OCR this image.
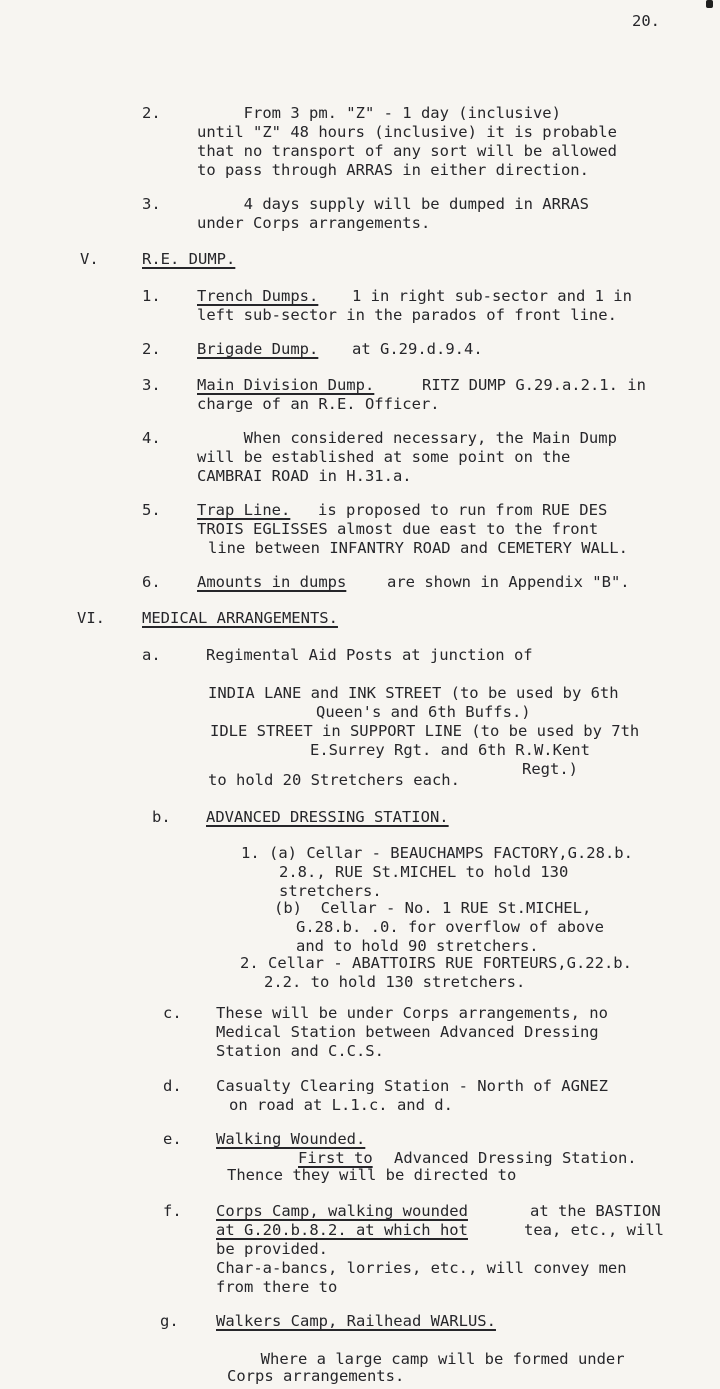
20.
2. From 3 pm. "Z" - 1 day (inclusive)
until "Z" 48 hours (inclusive) it is probable
that no transport of any sort will be allowed
to pass through ARRAS in either direction.
3. 4 days supply will be dumped in ARRAS
under Corps arrangements.
V.	R.E. DUMP.
1. Trench Dumps. 1 in right sub-sector and 1 in
left sub-sector in the parados of front line.
2. Brigade Dump. at G.29.d.9.4.
3. Main Division Dump.	RITZ DUMP G.29.a.2.1. in
charge of an R.E. Officer.
4. When considered necessary, the Main Dump
will be established at some point on the
CAMBRAI ROAD in H.31.a.
5. Trap Line. is proposed to run from RUE DES
TROIS EGLISSES almost due east to the front
line between INFANTRY ROAD and CEMETERY WALL.
6. Amounts in dumps	are shown in Appendix "B".
VI. MEDICAL ARRANGEMENTS.
a.	Regimental Aid Posts at junction of
INDIA LANE and INK STREET (to be used by 6th
Queen's and 6th Buffs.)
IDLE STREET in SUPPORT LINE (to be used by 7th
E.Surrey Rgt. and 6th R.W.Kent
Regt.)
to hold 20 Stretchers each.
b. ADVANCED DRESSING STATION.
1. (a) Cellar - BEAUCHAMPS FACTORY,G.28.b.
2.8., RUE St.MICHEL to hold 130
stretchers.
(b)  Cellar - No. 1 RUE St.MICHEL,
G.28.b. .0. for overflow of above
and to hold 90 stretchers.
2. Cellar - ABATTOIRS RUE FORTEURS,G.22.b.
2.2. to hold 130 stretchers.
c. These will be under Corps arrangements, no
Medical Station between Advanced Dressing
Station and C.C.S.
d. Casualty Clearing Station - North of AGNEZ
on road at L.1.c. and d.
e. Walking Wounded.
First to Advanced Dressing Station.
Thence they will be directed to
f. Corps Camp, walking wounded	at the BASTION
at G.20.b.8.2. at which hot	tea, etc., will
be provided.
Char-a-bancs, lorries, etc., will convey men
from there to
g. Walkers Camp, Railhead WARLUS.
Where a large camp will be formed under
Corps arrangements.
